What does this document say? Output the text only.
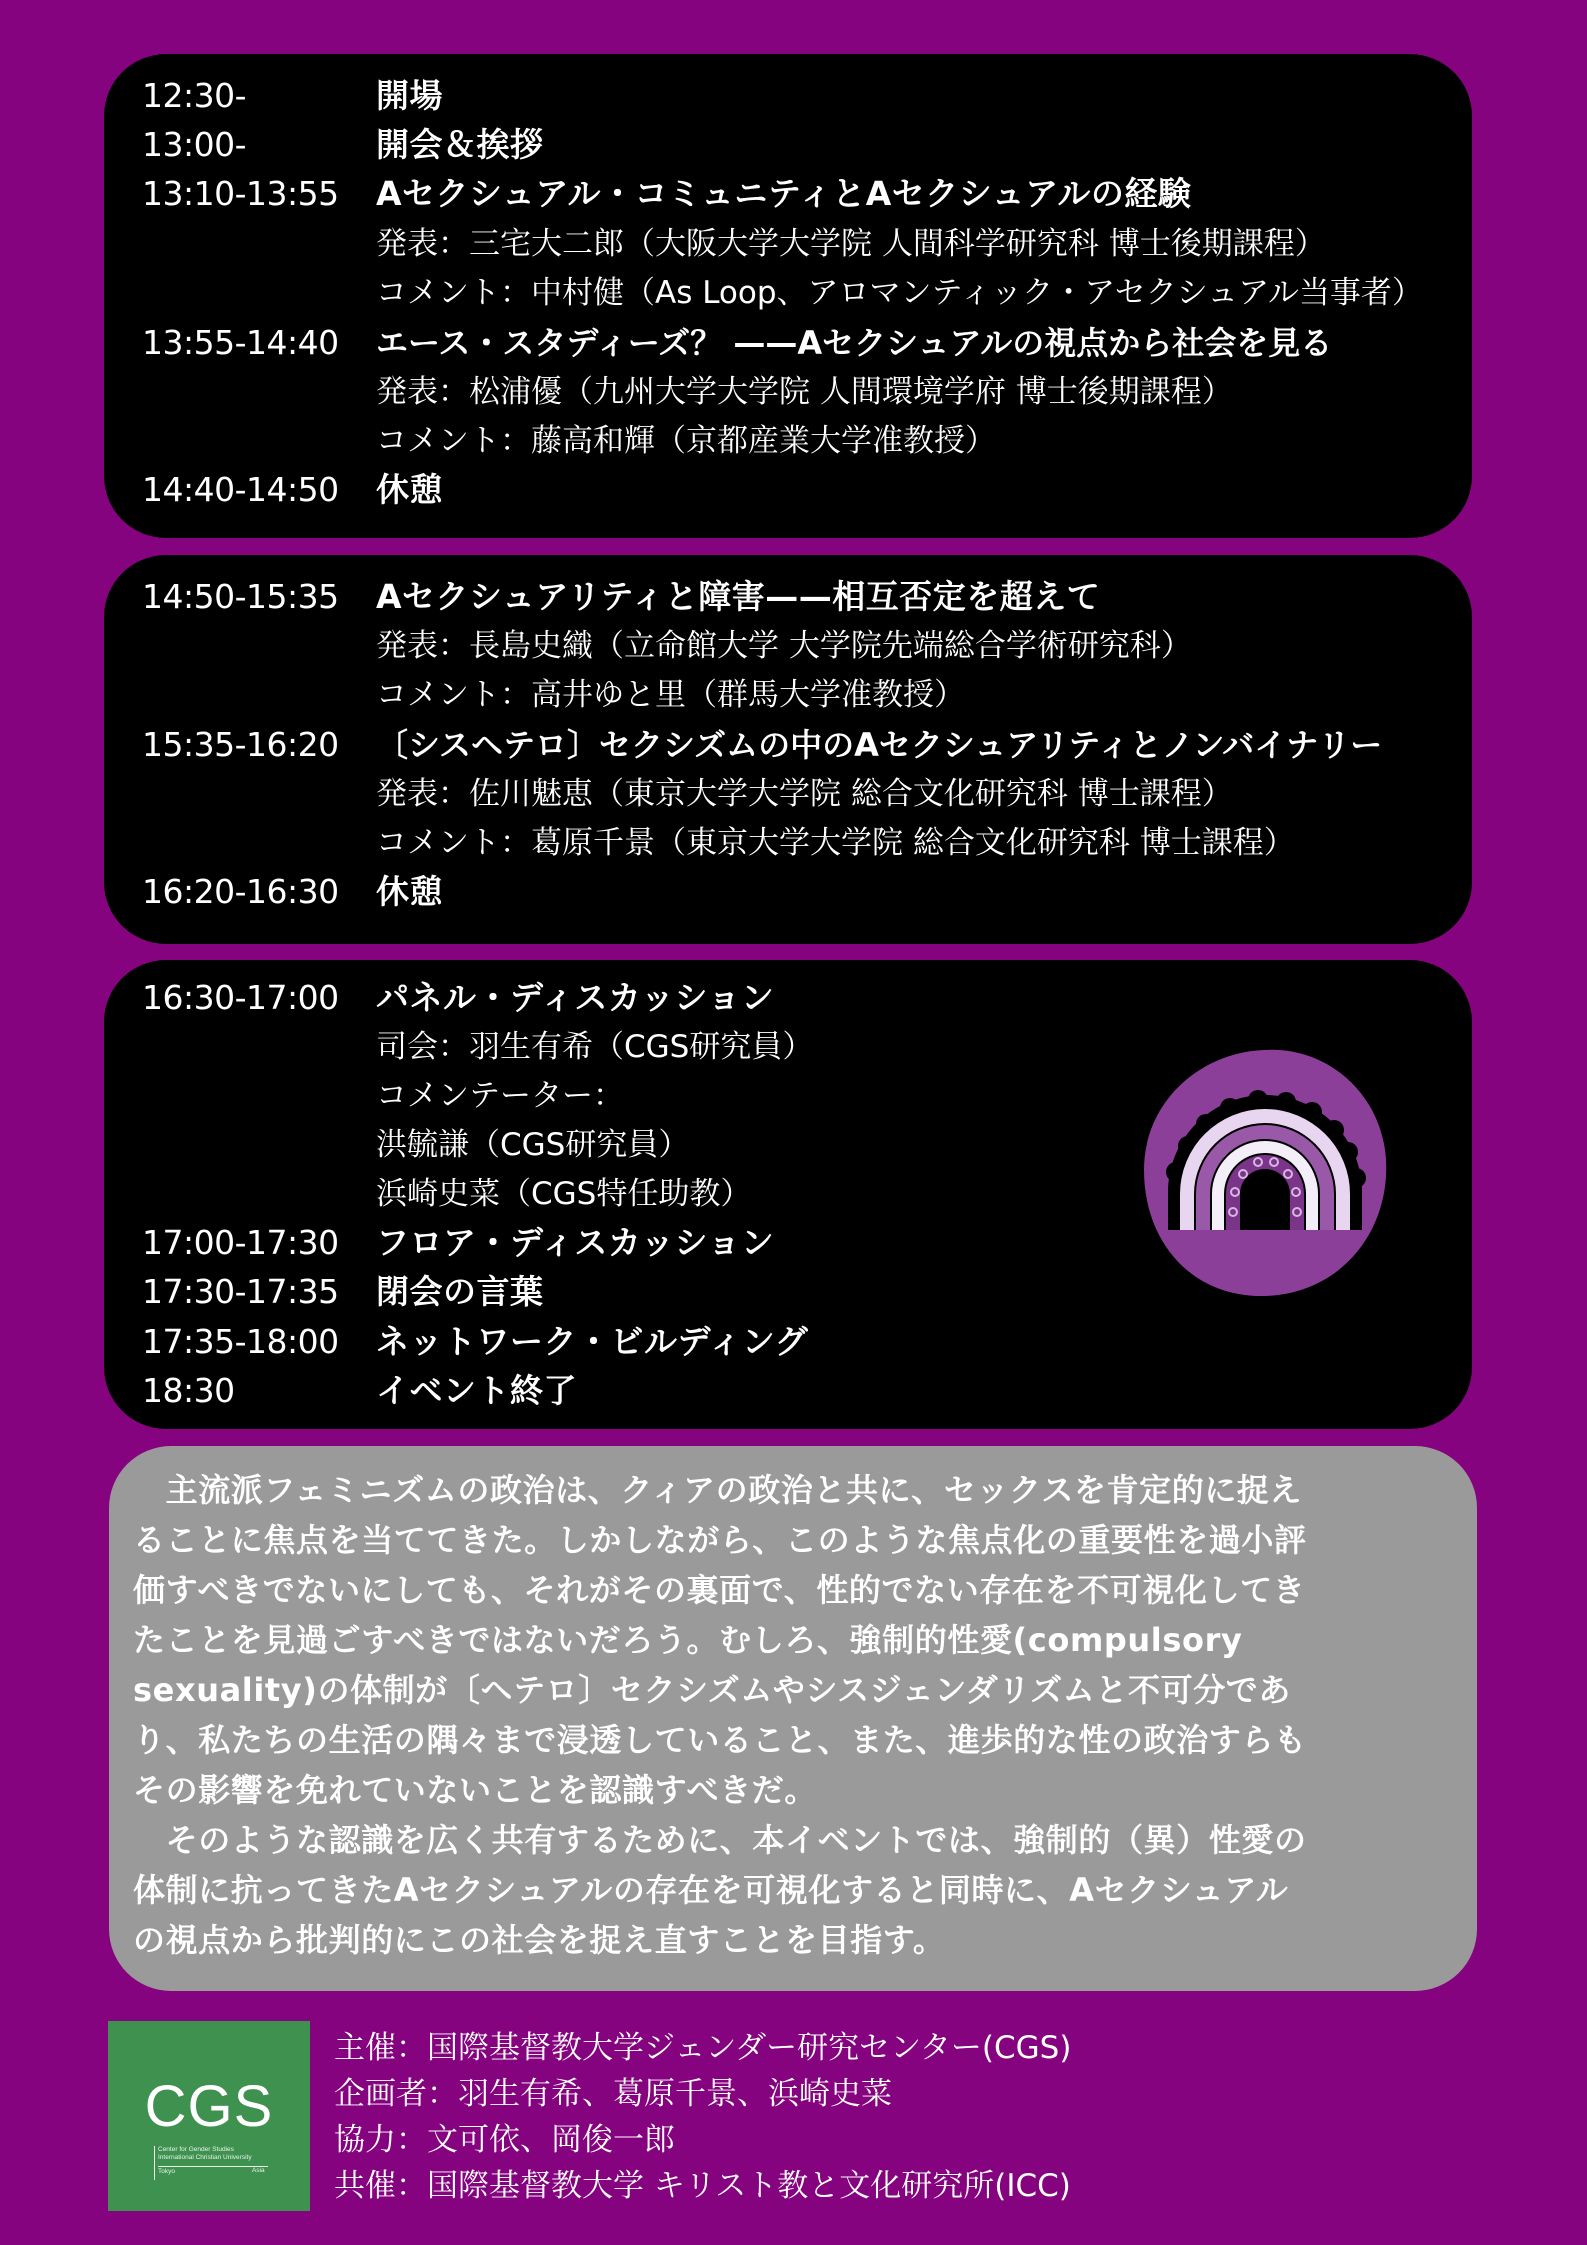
12:30-	開場
13:00-	開会＆挨拶
13:10-13:55 Aセクシュアル・コミュニティとAセクシュアルの経験
発表：三宅大二郎（大阪大学大学院 人間科学研究科 博士後期課程）
コメント：中村健（As Loop、アロマンティック・アセクシュアル当事者）
13:55-14:40 エース・スタディーズ？ ——Aセクシュアルの視点から社会を見る
発表：松浦優（九州大学大学院 人間環境学府 博士後期課程）
コメント：藤高和輝（京都産業大学准教授）
14:40-14:50 休憩
14:50-15:35 Aセクシュアリティと障害——相互否定を超えて
発表：長島史織（立命館大学 大学院先端総合学術研究科）
コメント：高井ゆと里（群馬大学准教授）
15:35-16:20 〔シスヘテロ〕セクシズムの中のAセクシュアリティとノンバイナリー
発表：佐川魅恵（東京大学大学院 総合文化研究科 博士課程）
コメント：葛原千景（東京大学大学院 総合文化研究科 博士課程）
16:20-16:30 休憩
16:30-17:00 パネル・ディスカッション
司会：羽生有希（CGS研究員）
コメンテーター：
洪毓謙（CGS研究員）
浜崎史菜（CGS特任助教）
17:00-17:30 フロア・ディスカッション
17:30-17:35 閉会の言葉
17:35-18:00 ネットワーク・ビルディング
18:30	イベント終了
　主流派フェミニズムの政治は、クィアの政治と共に、セックスを肯定的に捉え
ることに焦点を当ててきた。しかしながら、このような焦点化の重要性を過小評
価すべきでないにしても、それがその裏面で、性的でない存在を不可視化してき
たことを見過ごすべきではないだろう。むしろ、強制的性愛(compulsory
sexuality)の体制が〔ヘテロ〕セクシズムやシスジェンダリズムと不可分であ
り、私たちの生活の隅々まで浸透していること、また、進歩的な性の政治すらも
その影響を免れていないことを認識すべきだ。
　そのような認識を広く共有するために、本イベントでは、強制的（異）性愛の
体制に抗ってきたAセクシュアルの存在を可視化すると同時に、Aセクシュアル
の視点から批判的にこの社会を捉え直すことを目指す。
CGS
Center for Gender Studies
International Christian University
Tokyo	Asia
主催：国際基督教大学ジェンダー研究センター(CGS)
企画者：羽生有希、葛原千景、浜崎史菜
協力：文可依、岡俊一郎
共催：国際基督教大学 キリスト教と文化研究所(ICC)
